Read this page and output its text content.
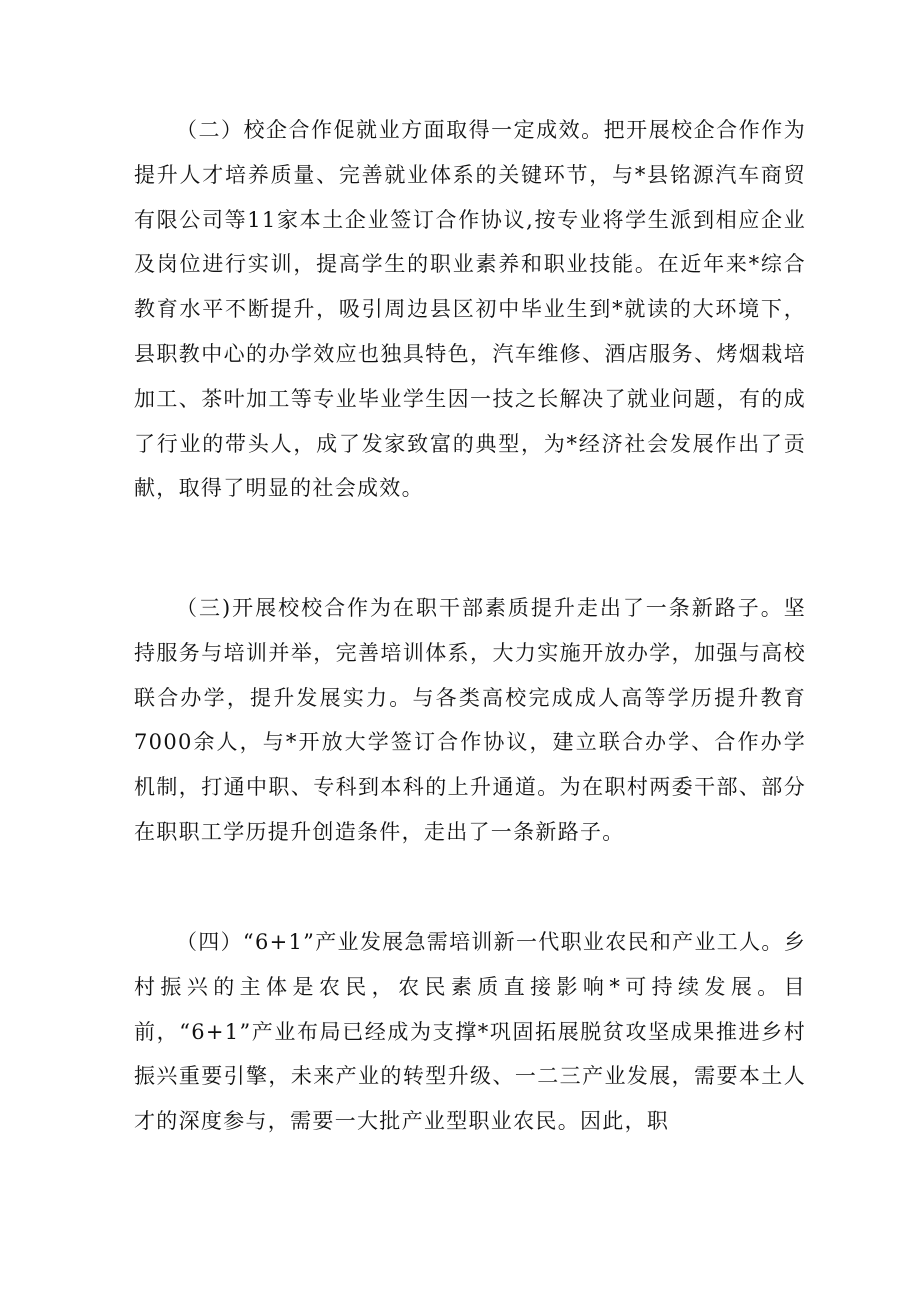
（二）校企合作促就业方面取得一定成效。把开展校企合作作为提升人才培养质量、完善就业体系的关键环节，与*县铭源汽车商贸有限公司等11家本土企业签订合作协议,按专业将学生派到相应企业及岗位进行实训，提高学生的职业素养和职业技能。在近年来*综合教育水平不断提升，吸引周边县区初中毕业生到*就读的大环境下，县职教中心的办学效应也独具特色，汽车维修、酒店服务、烤烟栽培加工、茶叶加工等专业毕业学生因一技之长解决了就业问题，有的成了行业的带头人，成了发家致富的典型，为*经济社会发展作出了贡献，取得了明显的社会成效。

（三)开展校校合作为在职干部素质提升走出了一条新路子。坚持服务与培训并举，完善培训体系，大力实施开放办学，加强与高校联合办学，提升发展实力。与各类高校完成成人高等学历提升教育7000余人，与*开放大学签订合作协议，建立联合办学、合作办学机制，打通中职、专科到本科的上升通道。为在职村两委干部、部分在职职工学历提升创造条件，走出了一条新路子。

（四）“6+1”产业发展急需培训新一代职业农民和产业工人。乡村振兴的主体是农民，农民素质直接影响*可持续发展。目前，“6+1”产业布局已经成为支撑*巩固拓展脱贫攻坚成果推进乡村振兴重要引擎，未来产业的转型升级、一二三产业发展，需要本土人才的深度参与，需要一大批产业型职业农民。因此，职
